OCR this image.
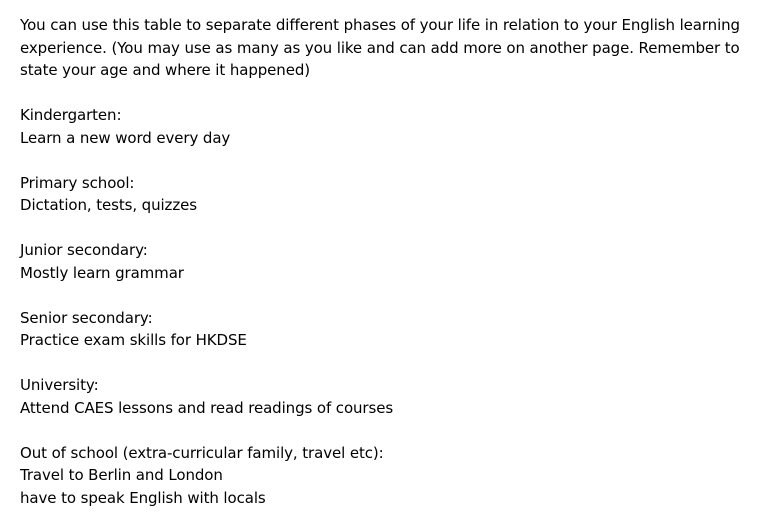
You can use this table to separate different phases of your life in relation to your English learning
experience. (You may use as many as you like and can add more on another page. Remember to
state your age and where it happened)
Kindergarten:
Learn a new word every day
Primary school:
Dictation, tests, quizzes
Junior secondary:
Mostly learn grammar
Senior secondary:
Practice exam skills for HKDSE
University:
Attend CAES lessons and read readings of courses
Out of school (extra-curricular family, travel etc):
Travel to Berlin and London
have to speak English with locals
